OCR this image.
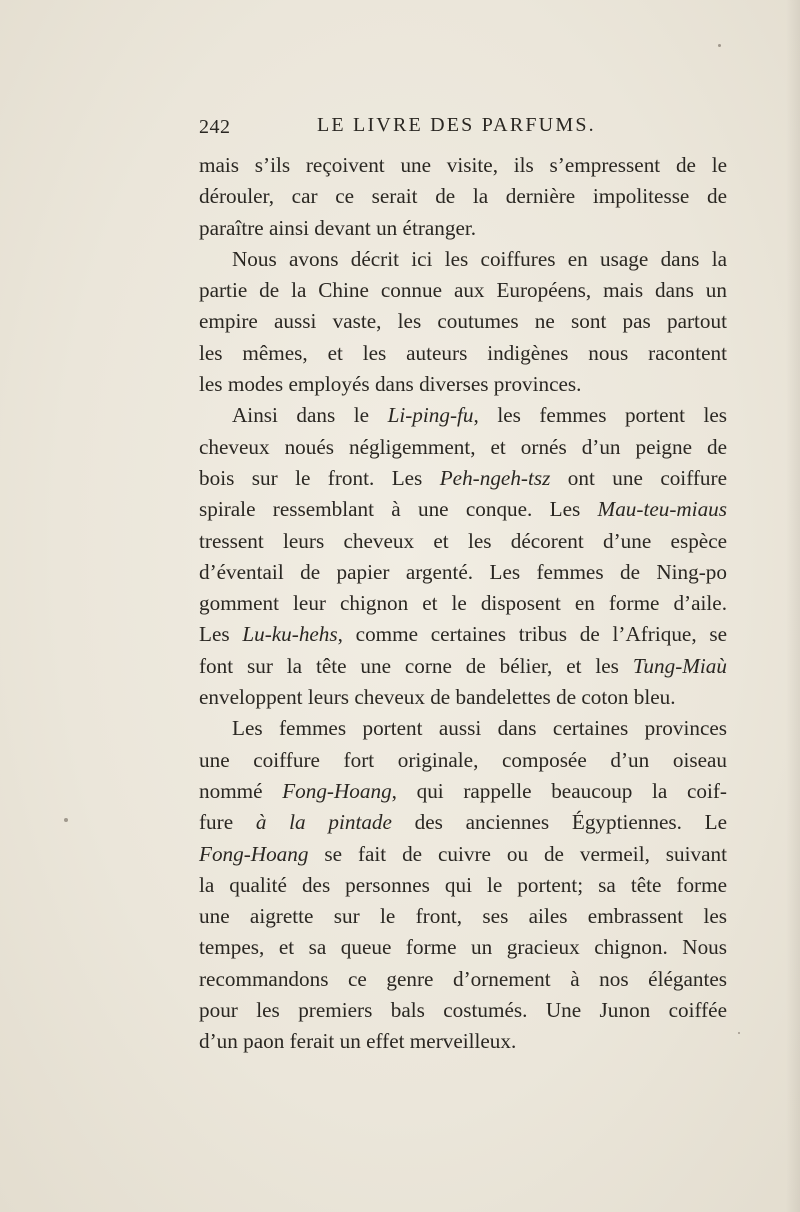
242	LE LIVRE DES PARFUMS.
mais s’ils reçoivent une visite, ils s’empressent de le
dérouler, car ce serait de la dernière impolitesse de
paraître ainsi devant un étranger.
Nous avons décrit ici les coiffures en usage dans la
partie de la Chine connue aux Européens, mais dans un
empire aussi vaste, les coutumes ne sont pas partout
les mêmes, et les auteurs indigènes nous racontent
les modes employés dans diverses provinces.
Ainsi dans le Li-ping-fu, les femmes portent les
cheveux noués négligemment, et ornés d’un peigne de
bois sur le front. Les Peh-ngeh-tsz ont une coiffure
spirale ressemblant à une conque. Les Mau-teu-miaus
tressent leurs cheveux et les décorent d’une espèce
d’éventail de papier argenté. Les femmes de Ning-po
gomment leur chignon et le disposent en forme d’aile.
Les Lu-ku-hehs, comme certaines tribus de l’Afrique, se
font sur la tête une corne de bélier, et les Tung-Miaù
enveloppent leurs cheveux de bandelettes de coton bleu.
Les femmes portent aussi dans certaines provinces
une coiffure fort originale, composée d’un oiseau
nommé Fong-Hoang, qui rappelle beaucoup la coif-
fure à la pintade des anciennes Égyptiennes. Le
Fong-Hoang se fait de cuivre ou de vermeil, suivant
la qualité des personnes qui le portent; sa tête forme
une aigrette sur le front, ses ailes embrassent les
tempes, et sa queue forme un gracieux chignon. Nous
recommandons ce genre d’ornement à nos élégantes
pour les premiers bals costumés. Une Junon coiffée
d’un paon ferait un effet merveilleux.
